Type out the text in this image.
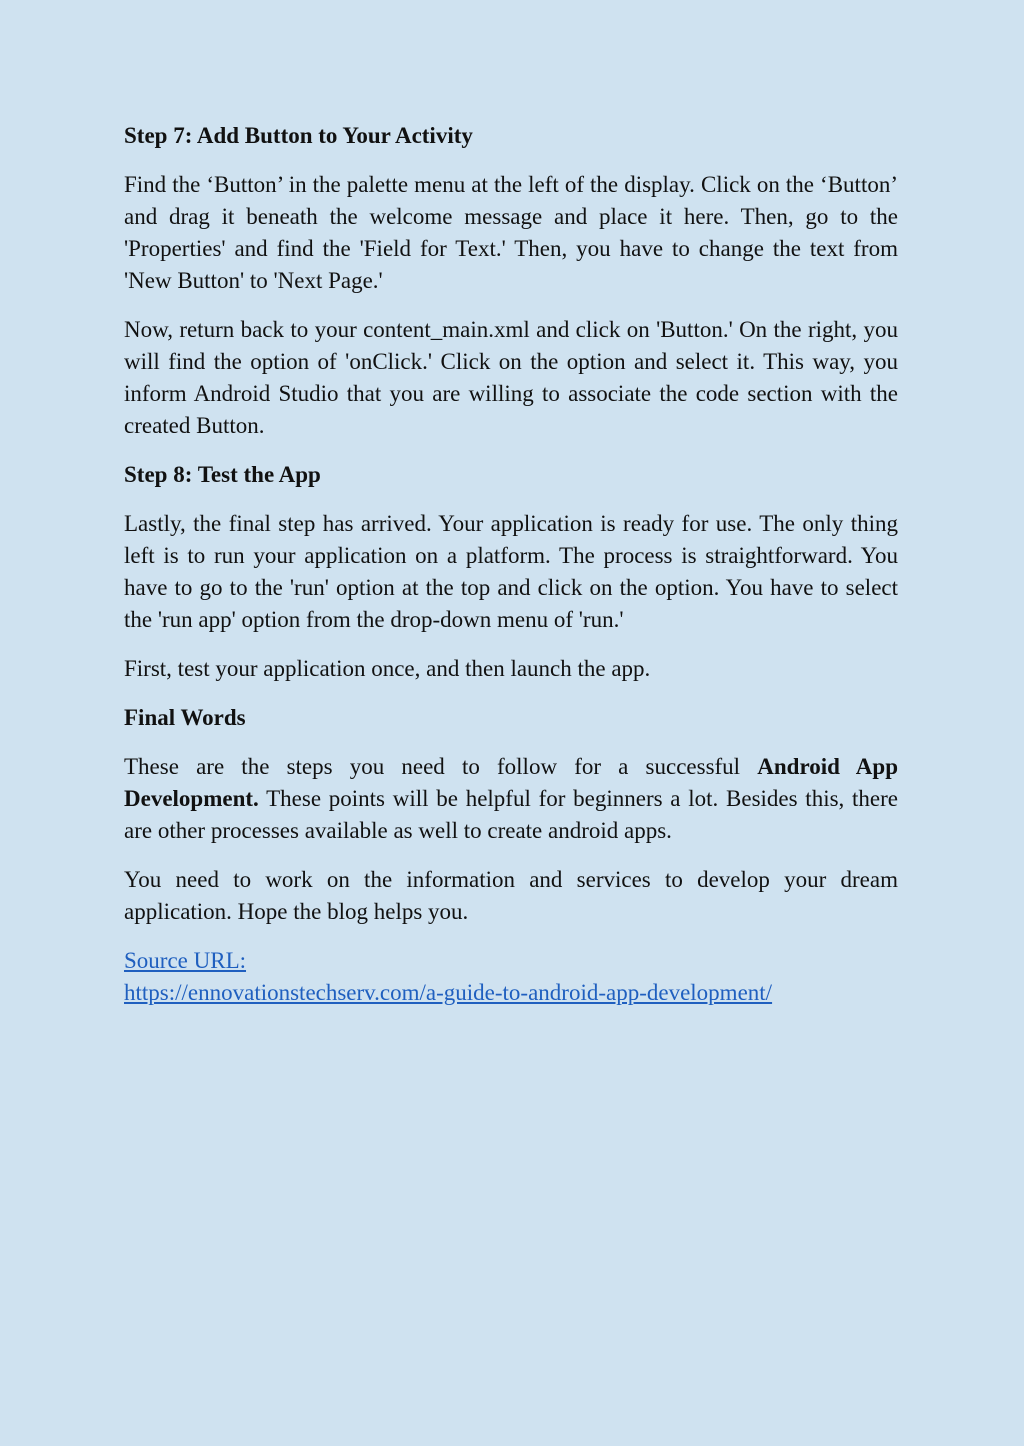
Step 7: Add Button to Your Activity

Find the ‘Button’ in the palette menu at the left of the display. Click on the ‘Button’ and drag it beneath the welcome message and place it here. Then, go to the 'Properties' and find the 'Field for Text.' Then, you have to change the text from 'New Button' to 'Next Page.'

Now, return back to your content_main.xml and click on 'Button.' On the right, you will find the option of 'onClick.' Click on the option and select it. This way, you inform Android Studio that you are willing to associate the code section with the created Button.

Step 8: Test the App

Lastly, the final step has arrived. Your application is ready for use. The only thing left is to run your application on a platform. The process is straightforward. You have to go to the 'run' option at the top and click on the option. You have to select the 'run app' option from the drop-down menu of 'run.'

First, test your application once, and then launch the app.

Final Words

These are the steps you need to follow for a successful Android App Development. These points will be helpful for beginners a lot. Besides this, there are other processes available as well to create android apps.

You need to work on the information and services to develop your dream application. Hope the blog helps you.

Source URL:
https://ennovationstechserv.com/a-guide-to-android-app-development/
